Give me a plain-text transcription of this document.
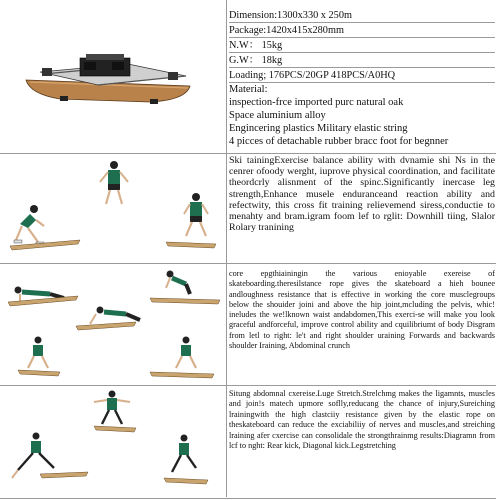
Dimension:1300x330 x 250m
Package:1420x415x280mm
N.W： 15kg
G.W： 18kg
Loading; 176PCS/20GP 418PCS/A0HQ
Material:
inspection-frce imported purc natural oak
Space aluminium alloy
Engincering plastics Military elastic string
4 picces of detachable rubber bracc foot for begnner

Ski tainingExercise balance ability with dvnamie shi Ns in the cenrer ofoody werght, iuprove physical coordination, and facilitate theordcrly alisnment of the spinc.Significantly inercase leg strength,Enhance musele enduranceand reaction ability and refectwity, this cross fit training relievemend siress,conductie to menahty and bram.igram foom lef to rglit: Downhill tiing, Slalor Rolary tranining

core epgthiainingin the various enioyable exereise of skateboarding.theresilstance rope gives the skateboard a hieh bounee andloughness resistance that is effective in working the core musclegroups below the shouider joini and above the hip joint,mcluding the pelvis, whic! ineludes the we!lknown waist andabdomen,This exerci-se will make you look graceful andforceful, improve control ability and cquilibriumt of body Disgram from letl to right: le't and right shoulder uraining Forwards and backwards shoulder Iraining, Abdominal crunch

Situng abdomnal cxereise.Luge Stretch.Strelchmg makes the ligamnts, muscles and join!s matech upmore soflly,reducang the chance of injury,Sureiching lrainingwith the high clastciiy resistance given by the elastic rope on theskateboard can reduce the exciabiliiy of nerves and muscles,and streiching lraining afer cxercise can consolidale the strongthrainmg results:Diagramn from lcf to nght: Rear kick, Diagonal kick.Legstretching
